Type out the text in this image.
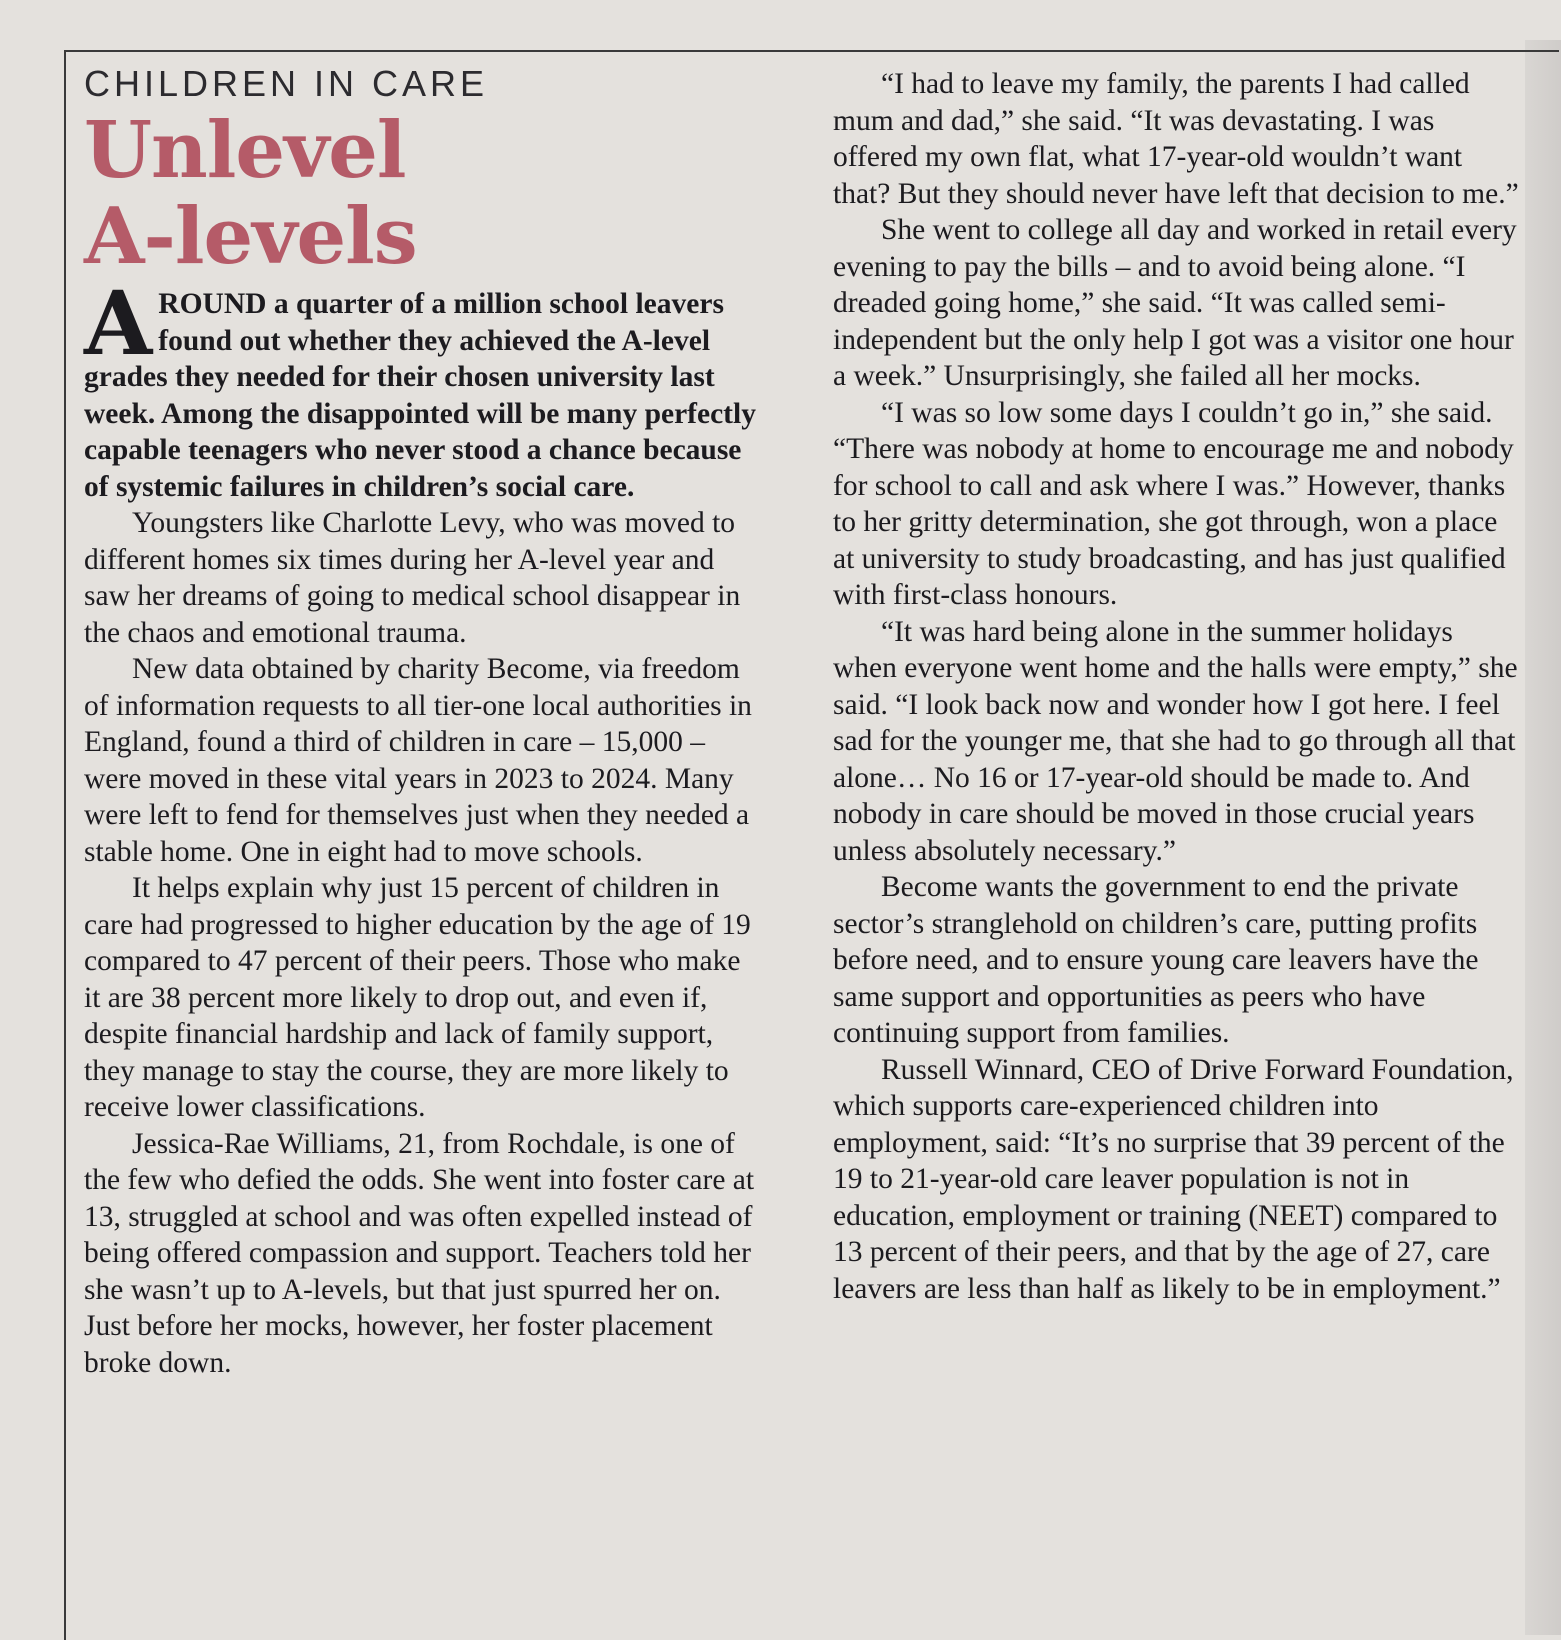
CHILDREN IN CARE
Unlevel
A-levels
AROUND a quarter of a million school leavers found out whether they achieved the A-level grades they needed for their chosen university last week. Among the disappointed will be many perfectly capable teenagers who never stood a chance because of systemic failures in children’s social care.

Youngsters like Charlotte Levy, who was moved to different homes six times during her A-level year and saw her dreams of going to medical school disappear in the chaos and emotional trauma.

New data obtained by charity Become, via freedom of information requests to all tier-one local authorities in England, found a third of children in care – 15,000 – were moved in these vital years in 2023 to 2024. Many were left to fend for themselves just when they needed a stable home. One in eight had to move schools.

It helps explain why just 15 percent of children in care had progressed to higher education by the age of 19 compared to 47 percent of their peers. Those who make it are 38 percent more likely to drop out, and even if, despite financial hardship and lack of family support, they manage to stay the course, they are more likely to receive lower classifications.

Jessica-Rae Williams, 21, from Rochdale, is one of the few who defied the odds. She went into foster care at 13, struggled at school and was often expelled instead of being offered compassion and support. Teachers told her she wasn’t up to A-levels, but that just spurred her on. Just before her mocks, however, her foster placement broke down.

“I had to leave my family, the parents I had called mum and dad,” she said. “It was devastating. I was offered my own flat, what 17-year-old wouldn’t want that? But they should never have left that decision to me.”

She went to college all day and worked in retail every evening to pay the bills – and to avoid being alone. “I dreaded going home,” she said. “It was called semi-independent but the only help I got was a visitor one hour a week.” Unsurprisingly, she failed all her mocks.

“I was so low some days I couldn’t go in,” she said. “There was nobody at home to encourage me and nobody for school to call and ask where I was.” However, thanks to her gritty determination, she got through, won a place at university to study broadcasting, and has just qualified with first-class honours.

“It was hard being alone in the summer holidays when everyone went home and the halls were empty,” she said. “I look back now and wonder how I got here. I feel sad for the younger me, that she had to go through all that alone… No 16 or 17-year-old should be made to. And nobody in care should be moved in those crucial years unless absolutely necessary.”

Become wants the government to end the private sector’s stranglehold on children’s care, putting profits before need, and to ensure young care leavers have the same support and opportunities as peers who have continuing support from families.

Russell Winnard, CEO of Drive Forward Foundation, which supports care-experienced children into employment, said: “It’s no surprise that 39 percent of the 19 to 21-year-old care leaver population is not in education, employment or training (NEET) compared to 13 percent of their peers, and that by the age of 27, care leavers are less than half as likely to be in employment.”
